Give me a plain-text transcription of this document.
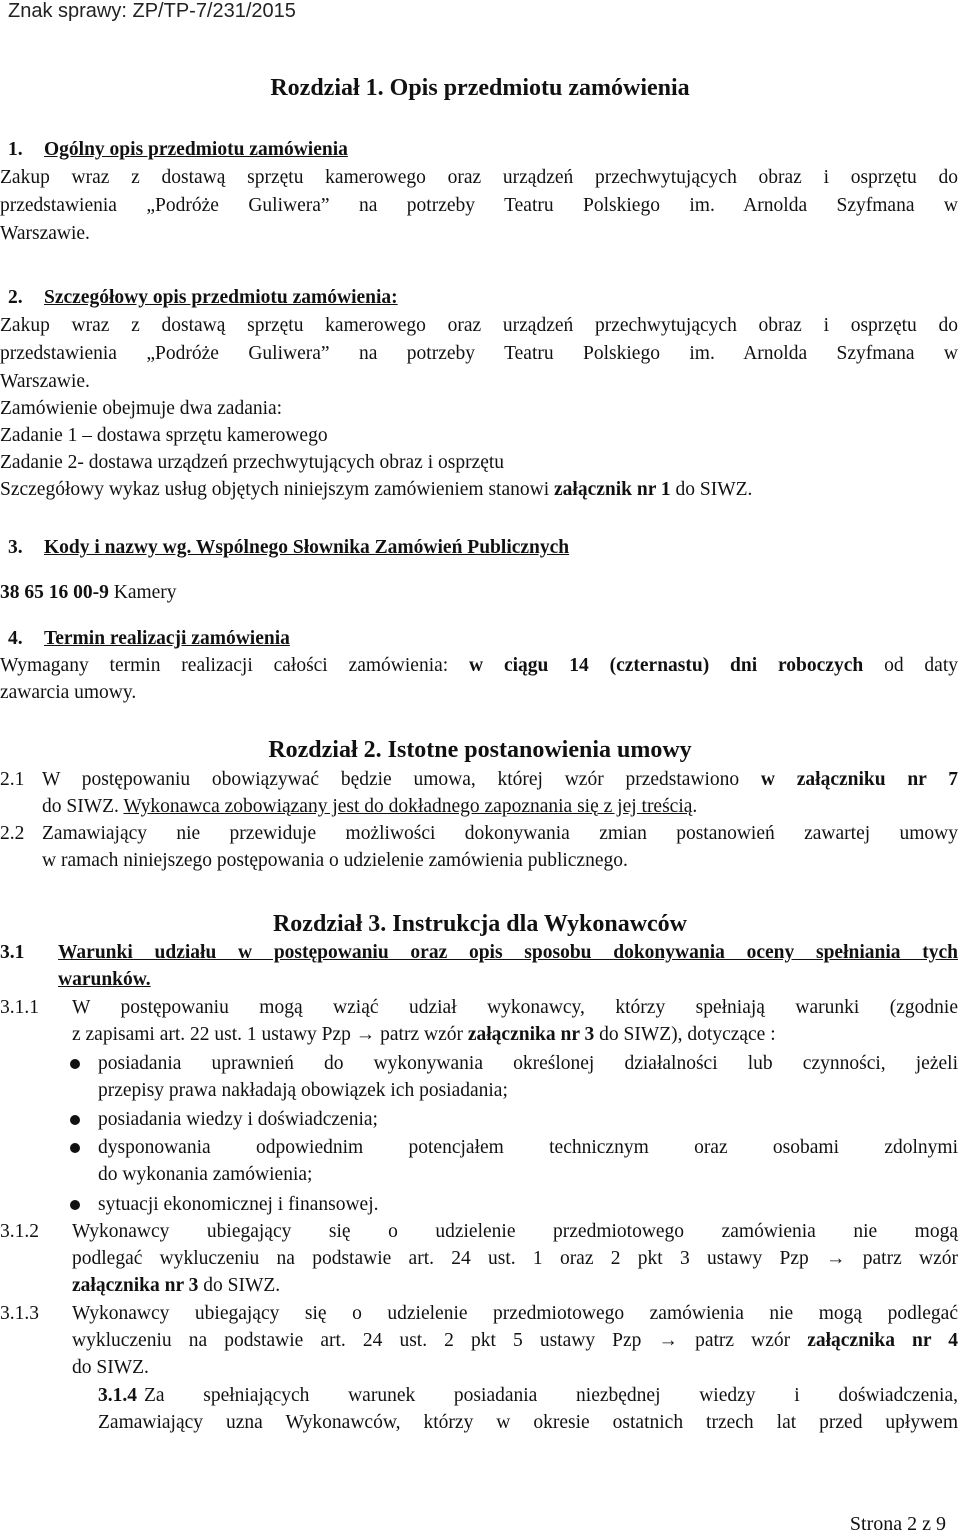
Znak sprawy: ZP/TP-7/231/2015
Rozdział 1. Opis przedmiotu zamówienia
1. Ogólny opis przedmiotu zamówienia
Zakup wraz z dostawą sprzętu kamerowego oraz urządzeń przechwytujących obraz i osprzętu do
przedstawienia „Podróże Guliwera” na potrzeby Teatru Polskiego im. Arnolda Szyfmana w
Warszawie.
2. Szczegółowy opis przedmiotu zamówienia:
Zakup wraz z dostawą sprzętu kamerowego oraz urządzeń przechwytujących obraz i osprzętu do
przedstawienia „Podróże Guliwera” na potrzeby Teatru Polskiego im. Arnolda Szyfmana w
Warszawie.
Zamówienie obejmuje dwa zadania:
Zadanie 1 – dostawa sprzętu kamerowego
Zadanie 2- dostawa urządzeń przechwytujących obraz i osprzętu
Szczegółowy wykaz usług objętych niniejszym zamówieniem stanowi załącznik nr 1 do SIWZ.
3. Kody i nazwy wg. Wspólnego Słownika Zamówień Publicznych
38 65 16 00-9 Kamery
4. Termin realizacji zamówienia
Wymagany termin realizacji całości zamówienia: w ciągu 14 (czternastu) dni roboczych od daty
zawarcia umowy.
Rozdział 2. Istotne postanowienia umowy
2.1 W postępowaniu obowiązywać będzie umowa, której wzór przedstawiono w załączniku nr 7
do SIWZ. Wykonawca zobowiązany jest do dokładnego zapoznania się z jej treścią.
2.2 Zamawiający nie przewiduje możliwości dokonywania zmian postanowień zawartej umowy
w ramach niniejszego postępowania o udzielenie zamówienia publicznego.
Rozdział 3. Instrukcja dla Wykonawców
3.1 Warunki udziału w postępowaniu oraz opis sposobu dokonywania oceny spełniania tych
warunków.
3.1.1 W postępowaniu mogą wziąć udział wykonawcy, którzy spełniają warunki (zgodnie
z zapisami art. 22 ust. 1 ustawy Pzp → patrz wzór załącznika nr 3 do SIWZ), dotyczące :
posiadania uprawnień do wykonywania określonej działalności lub czynności, jeżeli
przepisy prawa nakładają obowiązek ich posiadania;
posiadania wiedzy i doświadczenia;
dysponowania odpowiednim potencjałem technicznym oraz osobami zdolnymi
do wykonania zamówienia;
sytuacji ekonomicznej i finansowej.
3.1.2 Wykonawcy ubiegający się o udzielenie przedmiotowego zamówienia nie mogą
podlegać wykluczeniu na podstawie art. 24 ust. 1 oraz 2 pkt 3 ustawy Pzp → patrz wzór
załącznika nr 3 do SIWZ.
3.1.3 Wykonawcy ubiegający się o udzielenie przedmiotowego zamówienia nie mogą podlegać
wykluczeniu na podstawie art. 24 ust. 2 pkt 5 ustawy Pzp → patrz wzór załącznika nr 4
do SIWZ.
3.1.4 Za spełniających warunek posiadania niezbędnej wiedzy i doświadczenia,
Zamawiający uzna Wykonawców, którzy w okresie ostatnich trzech lat przed upływem
Strona 2 z 9
